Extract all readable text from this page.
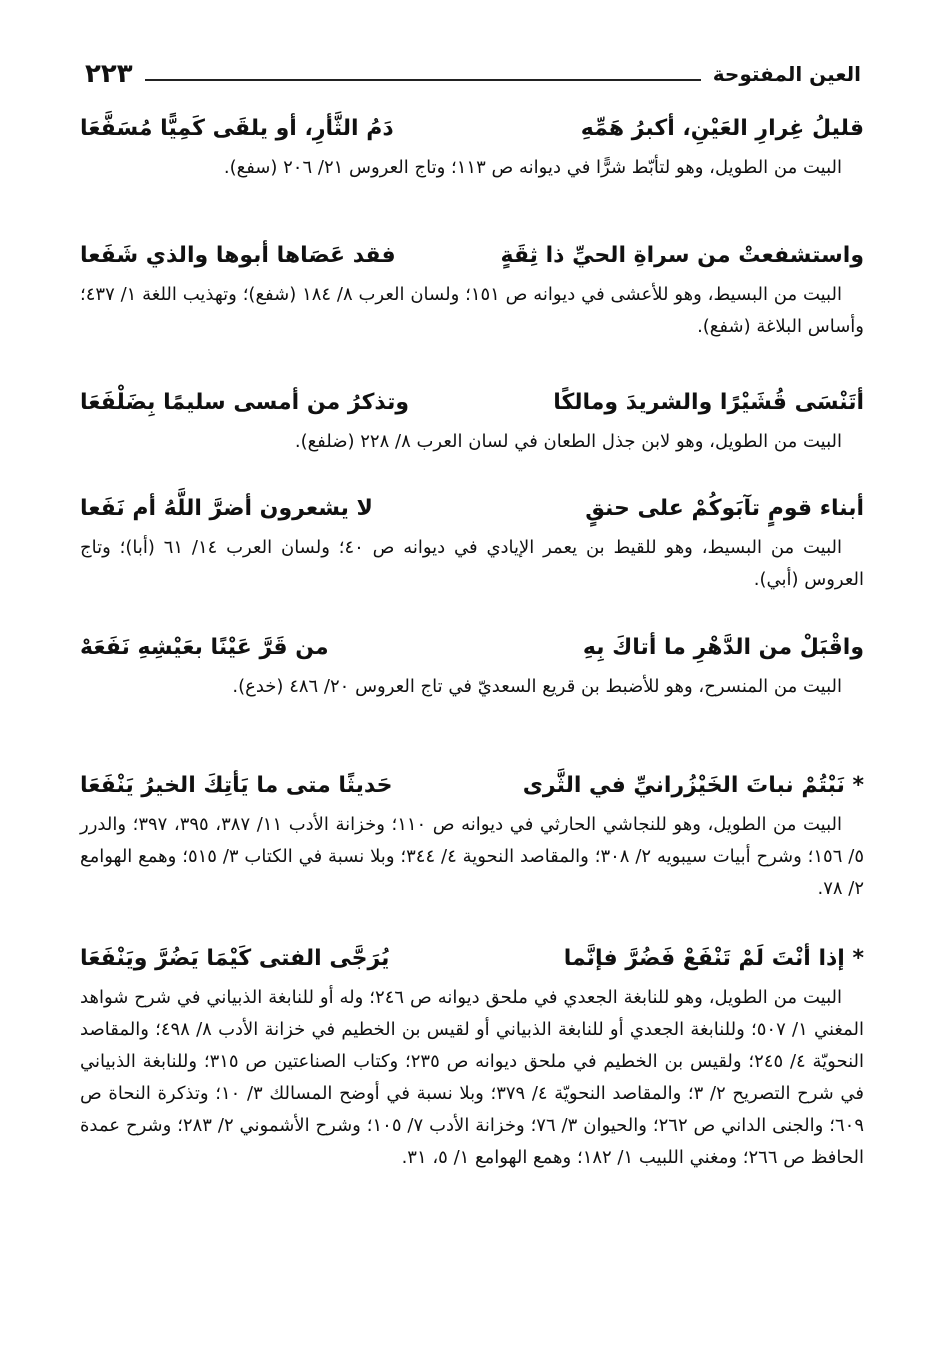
العين المفتوحة
٢٢٣
قليلُ غِرارِ العَيْنِ، أكبرُ هَمِّهِ
دَمُ الثَّأرِ، أو يلقَى كَمِيًّا مُسَفَّعَا
البيت من الطويل، وهو لتأبّط شرًّا في ديوانه ص ١١٣؛ وتاج العروس ٢١/ ٢٠٦ (سفع).
واستشفعتْ من سراةِ الحيِّ ذا ثِقَةٍ
فقد عَصَاها أبوها والذي شَفَعا
البيت من البسيط، وهو للأعشى في ديوانه ص ١٥١؛ ولسان العرب ٨/ ١٨٤ (شفع)؛ وتهذيب اللغة ١/ ٤٣٧؛ وأساس البلاغة (شفع).
أتَنْسَى قُشَيْرًا والشريدَ ومالكًا
وتذكرُ من أمسى سليمًا بِضَلْفَعَا
البيت من الطويل، وهو لابن جذل الطعان في لسان العرب ٨/ ٢٢٨ (ضلفع).
أبناء قومٍ تآبَوكُمْ على حنقٍ
لا يشعرون أضرَّ اللَّهُ أم نَفَعا
البيت من البسيط، وهو للقيط بن يعمر الإيادي في ديوانه ص ٤٠؛ ولسان العرب ١٤/ ٦١ (أبا)؛ وتاج العروس (أبي).
واقْبَلْ من الدَّهْرِ ما أتاكَ بِهِ
من قَرَّ عَيْنًا بعَيْشِهِ نَفَعَهْ
البيت من المنسرح، وهو للأضبط بن قريع السعديّ في تاج العروس ٢٠/ ٤٨٦ (خدع).
* نَبْتُمْ نباتَ الخَيْزُرانيِّ في الثَّرى
حَديثًا متى ما يَأتِكَ الخيرُ يَنْفَعَا
البيت من الطويل، وهو للنجاشي الحارثي في ديوانه ص ١١٠؛ وخزانة الأدب ١١/ ٣٨٧، ٣٩٥، ٣٩٧؛ والدرر ٥/ ١٥٦؛ وشرح أبيات سيبويه ٢/ ٣٠٨؛ والمقاصد النحوية ٤/ ٣٤٤؛ وبلا نسبة في الكتاب ٣/ ٥١٥؛ وهمع الهوامع ٢/ ٧٨.
* إذا أنْتَ لَمْ تَنْفَعْ فَضُرَّ فإنَّما
يُرَجَّى الفتى كَيْمَا يَضُرَّ ويَنْفَعَا
البيت من الطويل، وهو للنابغة الجعدي في ملحق ديوانه ص ٢٤٦؛ وله أو للنابغة الذبياني في شرح شواهد المغني ١/ ٥٠٧؛ وللنابغة الجعدي أو للنابغة الذبياني أو لقيس بن الخطيم في خزانة الأدب ٨/ ٤٩٨؛ والمقاصد النحويّة ٤/ ٢٤٥؛ ولقيس بن الخطيم في ملحق ديوانه ص ٢٣٥؛ وكتاب الصناعتين ص ٣١٥؛ وللنابغة الذبياني في شرح التصريح ٢/ ٣؛ والمقاصد النحويّة ٤/ ٣٧٩؛ وبلا نسبة في أوضح المسالك ٣/ ١٠؛ وتذكرة النحاة ص ٦٠٩؛ والجنى الداني ص ٢٦٢؛ والحيوان ٣/ ٧٦؛ وخزانة الأدب ٧/ ١٠٥؛ وشرح الأشموني ٢/ ٢٨٣؛ وشرح عمدة الحافظ ص ٢٦٦؛ ومغني اللبيب ١/ ١٨٢؛ وهمع الهوامع ١/ ٥، ٣١.
